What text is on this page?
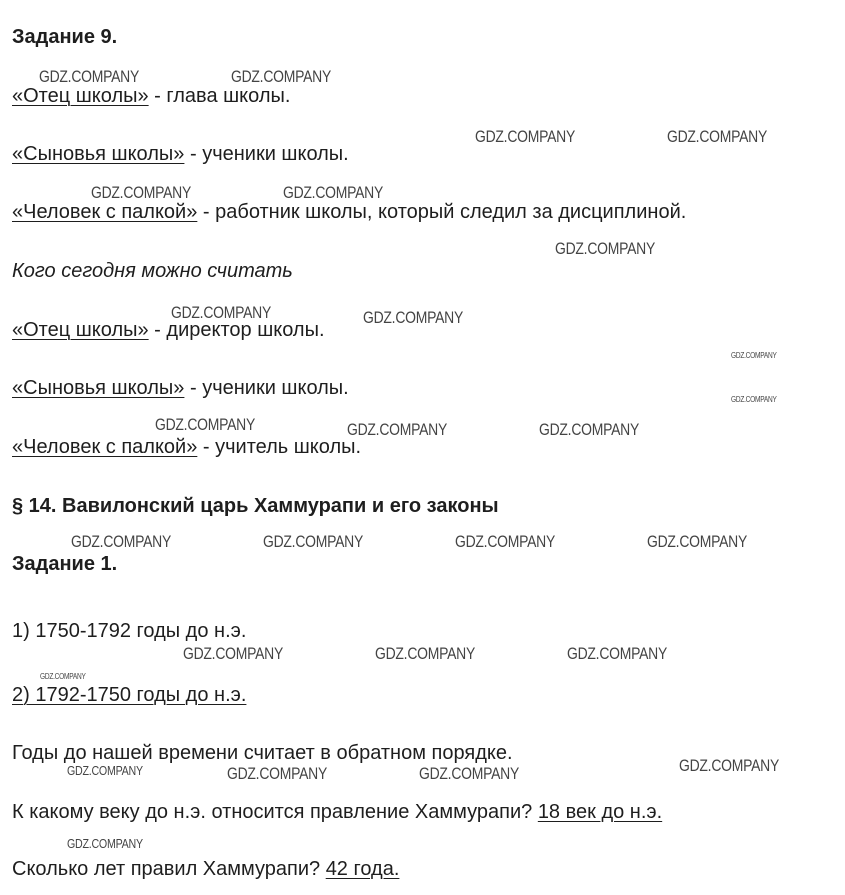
Задание 9.
«Отец школы» - глава школы.
«Сыновья школы» - ученики школы.
«Человек с палкой» - работник школы, который следил за дисциплиной.
Кого сегодня можно считать
«Отец школы» - директор школы.
«Сыновья школы» - ученики школы.
«Человек с палкой» - учитель школы.
§ 14. Вавилонский царь Хаммурапи и его законы
Задание 1.
1) 1750-1792 годы до н.э.
2) 1792-1750 годы до н.э.
Годы до нашей времени считает в обратном порядке.
К какому веку до н.э. относится правление Хаммурапи? 18 век до н.э.
Сколько лет правил Хаммурапи? 42 года.
GDZ.COMPANY	GDZ.COMPANY
GDZ.COMPANY	GDZ.COMPANY
GDZ.COMPANY	GDZ.COMPANY
GDZ.COMPANY
GDZ.COMPANY	GDZ.COMPANY
GDZ.COMPANY
GDZ.COMPANY
GDZ.COMPANY	GDZ.COMPANY	GDZ.COMPANY
GDZ.COMPANY	GDZ.COMPANY	GDZ.COMPANY	GDZ.COMPANY
GDZ.COMPANY	GDZ.COMPANY	GDZ.COMPANY
GDZ.COMPANY
GDZ.COMPANY	GDZ.COMPANY	GDZ.COMPANY	GDZ.COMPANY
GDZ.COMPANY
